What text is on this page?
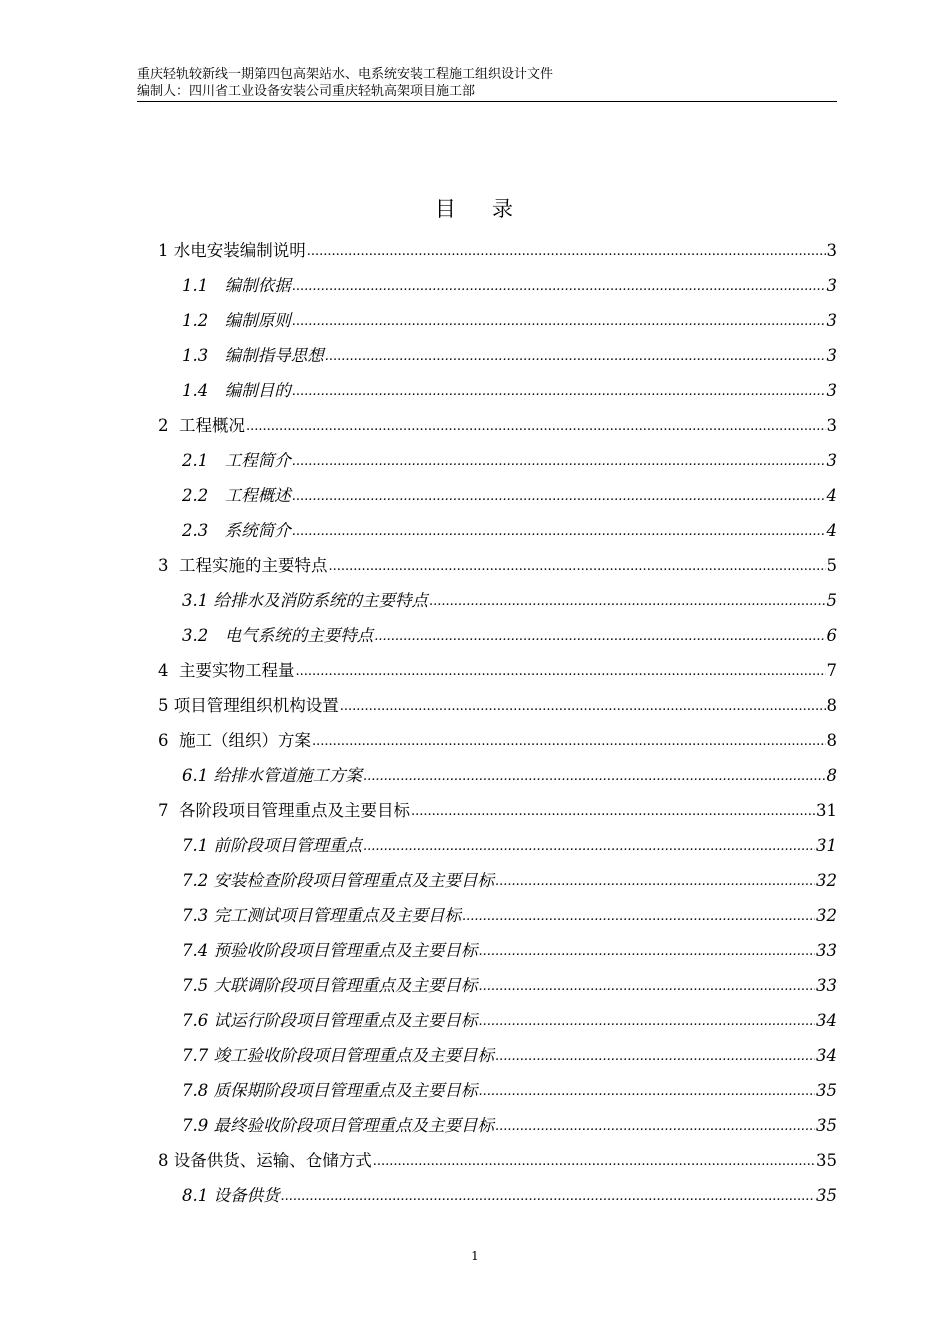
重庆轻轨较新线一期第四包高架站水、电系统安装工程施工组织设计文件
编制人：四川省工业设备安装公司重庆轻轨高架项目施工部
目 录
1 水电安装编制说明 .....	3
1.1　编制依据 .....	3
1.2　编制原则 .....	3
1.3　编制指导思想 .....	3
1.4　编制目的 .....	3
2  工程概况 .....	3
2.1　工程简介 .....	3
2.2　工程概述 .....	4
2.3　系统简介 .....	4
3  工程实施的主要特点 .....	5
3.1 给排水及消防系统的主要特点 .....	5
3.2　电气系统的主要特点 .....	6
4  主要实物工程量 .....	7
5 项目管理组织机构设置 .....	8
6  施工（组织）方案 .....	8
6.1 给排水管道施工方案 .....	8
7  各阶段项目管理重点及主要目标 .....	31
7.1 前阶段项目管理重点 .....	31
7.2 安装检查阶段项目管理重点及主要目标 .....	32
7.3 完工测试项目管理重点及主要目标 .....	32
7.4 预验收阶段项目管理重点及主要目标 .....	33
7.5 大联调阶段项目管理重点及主要目标 .....	33
7.6 试运行阶段项目管理重点及主要目标 .....	34
7.7 竣工验收阶段项目管理重点及主要目标 .....	34
7.8 质保期阶段项目管理重点及主要目标 .....	35
7.9 最终验收阶段项目管理重点及主要目标 .....	35
8 设备供货、运输、仓储方式 .....	35
8.1 设备供货 .....	35
1
